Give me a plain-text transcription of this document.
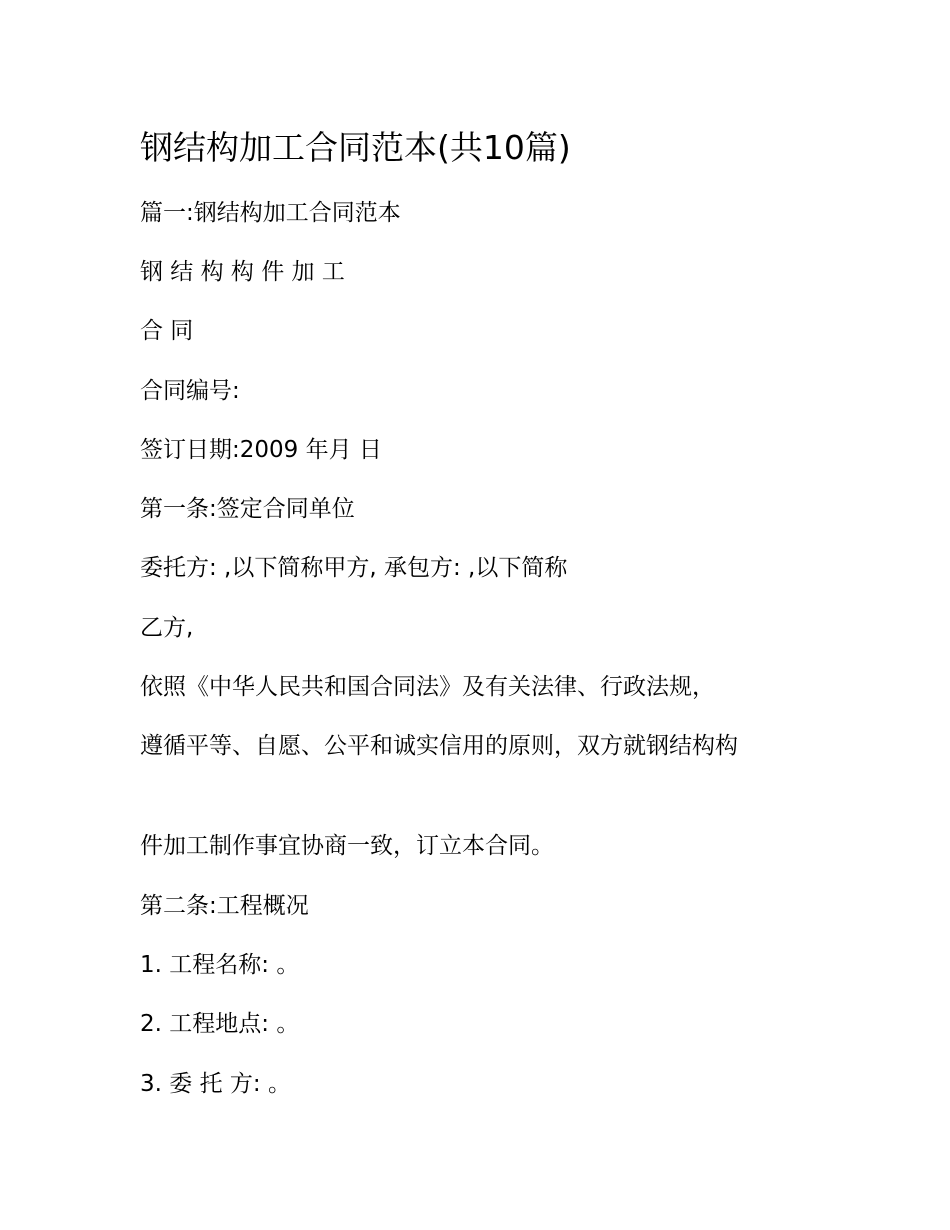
钢结构加工合同范本(共10篇)
篇一:钢结构加工合同范本
钢 结 构 构 件 加 工
合 同
合同编号:
签订日期:2009 年月 日
第一条:签定合同单位
委托方: ,以下简称甲方, 承包方: ,以下简称
乙方,
依照《中华人民共和国合同法》及有关法律、行政法规，
遵循平等、自愿、公平和诚实信用的原则，双方就钢结构构
件加工制作事宜协商一致，订立本合同。
第二条:工程概况
1. 工程名称: 。
2. 工程地点: 。
3. 委 托 方: 。
